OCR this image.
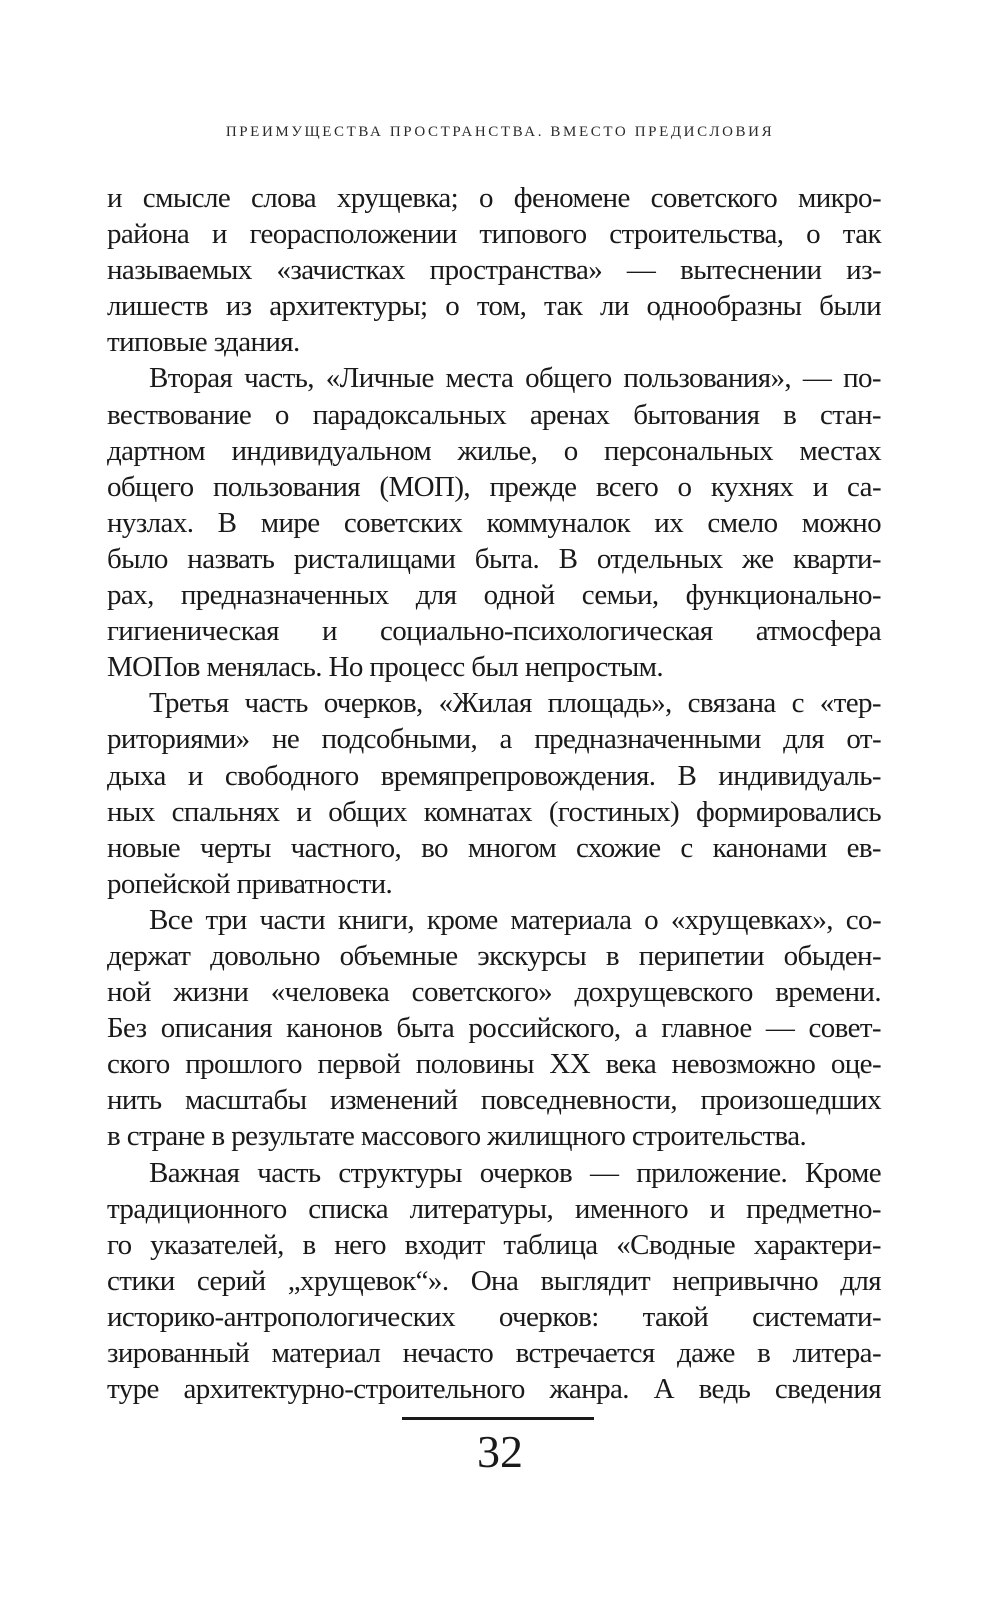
ПРЕИМУЩЕСТВА ПРОСТРАНСТВА. ВМЕСТО ПРЕДИСЛОВИЯ
и смысле слова хрущевка; о феномене советского микро-
района и георасположении типового строительства, о так
называемых «зачистках пространства» — вытеснении из-
лишеств из архитектуры; о том, так ли однообразны были
типовые здания.
Вторая часть, «Личные места общего пользования», — по-
вествование о парадоксальных аренах бытования в стан-
дартном индивидуальном жилье, о персональных местах
общего пользования (МОП), прежде всего о кухнях и са-
нузлах. В мире советских коммуналок их смело можно
было назвать ристалищами быта. В отдельных же кварти-
рах, предназначенных для одной семьи, функционально-
гигиеническая и социально-психологическая атмосфера
МОПов менялась. Но процесс был непростым.
Третья часть очерков, «Жилая площадь», связана с «тер-
риториями» не подсобными, а предназначенными для от-
дыха и свободного времяпрепровождения. В индивидуаль-
ных спальнях и общих комнатах (гостиных) формировались
новые черты частного, во многом схожие с канонами ев-
ропейской приватности.
Все три части книги, кроме материала о «хрущевках», со-
держат довольно объемные экскурсы в перипетии обыден-
ной жизни «человека советского» дохрущевского времени.
Без описания канонов быта российского, а главное — совет-
ского прошлого первой половины XX века невозможно оце-
нить масштабы изменений повседневности, произошедших
в стране в результате массового жилищного строительства.
Важная часть структуры очерков — приложение. Кроме
традиционного списка литературы, именного и предметно-
го указателей, в него входит таблица «Сводные характери-
стики серий „хрущевок“». Она выглядит непривычно для
историко-антропологических очерков: такой системати-
зированный материал нечасто встречается даже в литера-
туре архитектурно-строительного жанра. А ведь сведения
32
